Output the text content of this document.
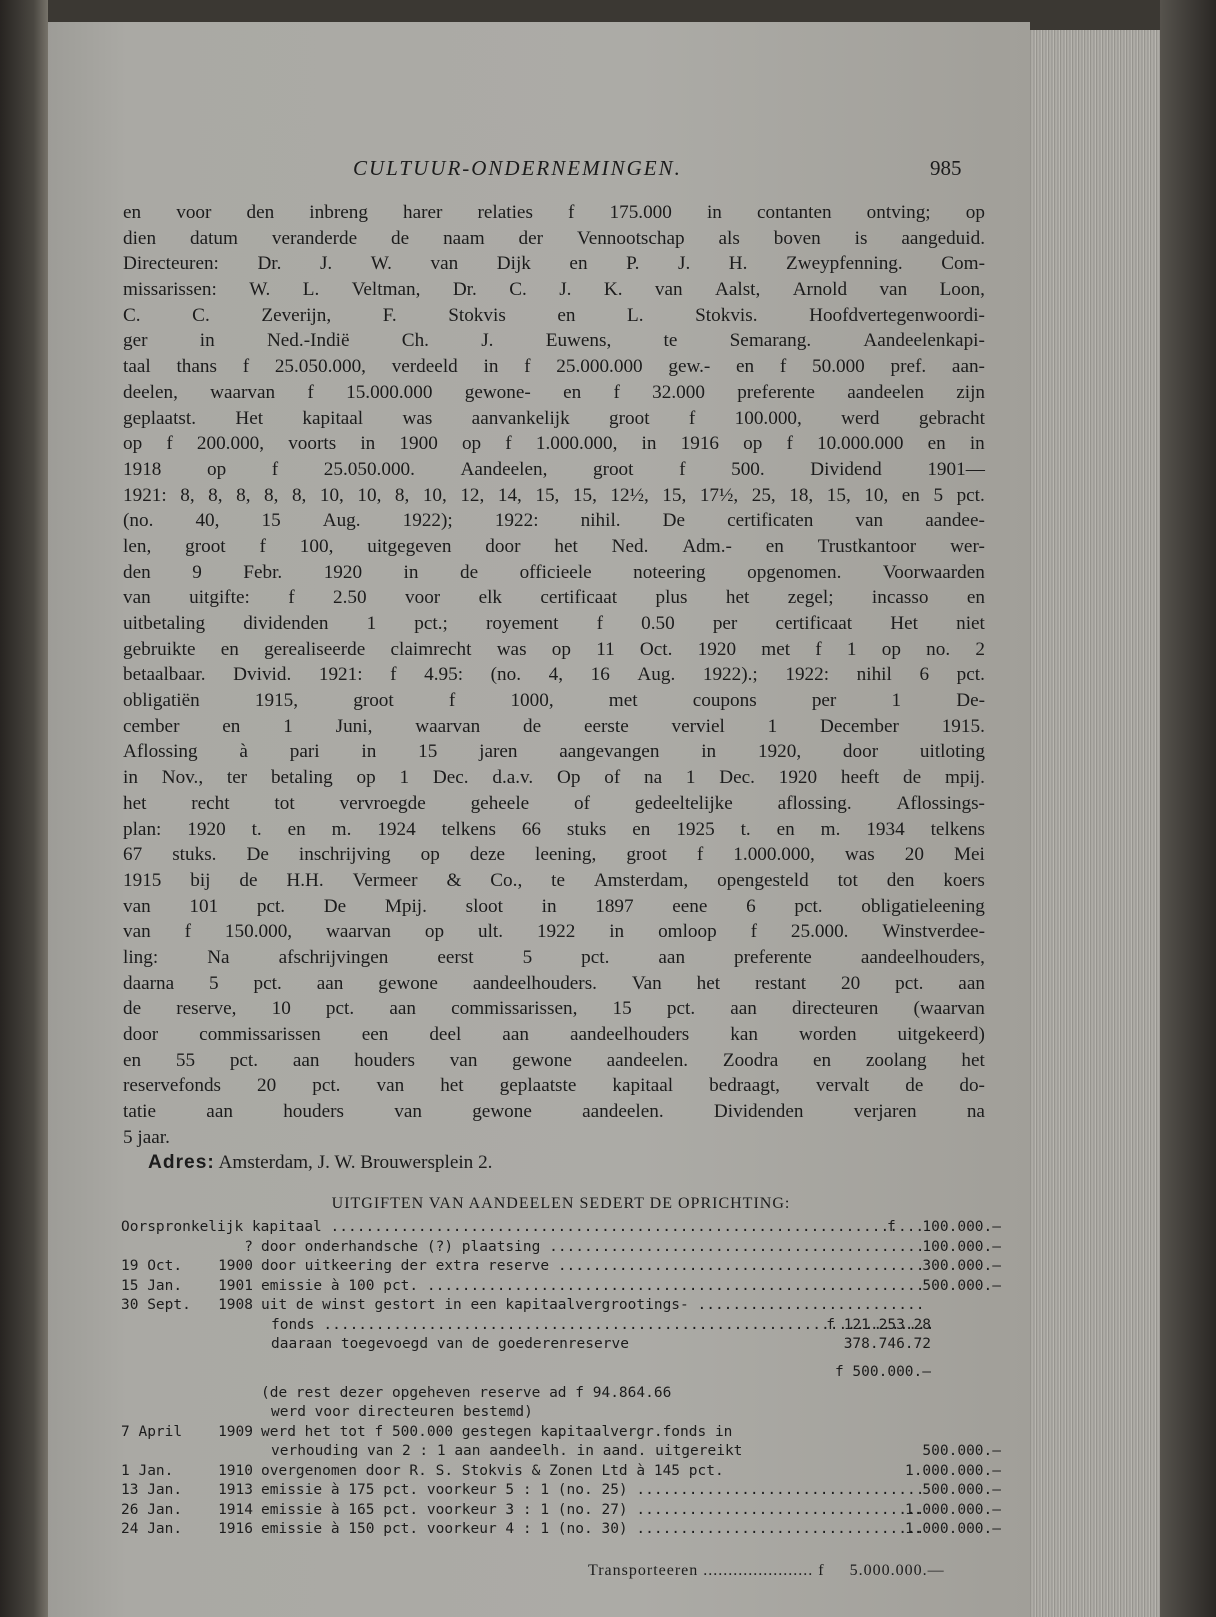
CULTUUR-ONDERNEMINGEN.	985
en voor den inbreng harer relaties f 175.000 in contanten ontving; op
dien datum veranderde de naam der Vennootschap als boven is aangeduid.
Directeuren: Dr. J. W. van Dijk en P. J. H. Zweypfenning. Com-
missarissen: W. L. Veltman, Dr. C. J. K. van Aalst, Arnold van Loon,
C.	C.	Zeverijn,	F.	Stokvis	en	L.	Stokvis.	Hoofdvertegenwoordi-
ger	in	Ned.-Indië	Ch.	J.	Euwens,	te	Semarang.	Aandeelenkapi-
taal thans f 25.050.000, verdeeld in f 25.000.000 gew.- en f 50.000 pref. aan-
deelen, waarvan f 15.000.000 gewone- en f 32.000 preferente aandeelen zijn
geplaatst. Het kapitaal was aanvankelijk groot f 100.000, werd gebracht
op f 200.000, voorts in 1900 op f 1.000.000, in 1916 op f 10.000.000 en in
1918 op f 25.050.000. Aandeelen, groot f 500. Dividend 1901—
1921: 8, 8, 8, 8, 8, 10, 10, 8, 10, 12, 14, 15, 15, 12½, 15, 17½, 25, 18, 15, 10, en 5 pct.
(no. 40, 15 Aug. 1922); 1922: nihil. De certificaten van aandee-
len, groot f 100, uitgegeven door het Ned. Adm.- en Trustkantoor wer-
den 9 Febr. 1920 in de officieele noteering opgenomen. Voorwaarden
van uitgifte: f 2.50 voor elk certificaat plus het zegel; incasso en
uitbetaling dividenden 1 pct.; royement f 0.50 per certificaat Het niet
gebruikte en gerealiseerde claimrecht was op 11 Oct. 1920 met f 1 op no. 2
betaalbaar. Dvivid. 1921: f 4.95: (no. 4, 16 Aug. 1922).; 1922: nihil 6 pct.
obligatiën	1915,	groot	f	1000,	met	coupons	per	1	De-
cember en 1 Juni, waarvan de eerste verviel 1 December 1915.
Aflossing à pari in 15 jaren aangevangen in 1920, door uitloting
in Nov., ter betaling op 1 Dec. d.a.v. Op of na 1 Dec. 1920 heeft de mpij.
het recht tot vervroegde geheele of gedeeltelijke aflossing. Aflossings-
plan: 1920 t. en m. 1924 telkens 66 stuks en 1925 t. en m. 1934 telkens
67 stuks. De inschrijving op deze leening, groot f 1.000.000, was 20 Mei
1915 bij de H.H. Vermeer & Co., te Amsterdam, opengesteld tot den koers
van 101 pct. De Mpij. sloot in 1897 eene 6 pct. obligatieleening
van f 150.000, waarvan op ult. 1922 in omloop f 25.000. Winstverdee-
ling:	Na	afschrijvingen	eerst	5	pct.	aan	preferente	aandeelhouders,
daarna 5 pct. aan gewone aandeelhouders. Van het restant 20 pct. aan
de reserve, 10 pct. aan commissarissen, 15 pct. aan directeuren (waarvan
door commissarissen een deel aan aandeelhouders kan worden uitgekeerd)
en 55 pct. aan houders van gewone aandeelen. Zoodra en zoolang het
reservefonds 20 pct. van het geplaatste kapitaal bedraagt, vervalt de do-
tatie	aan	houders	van	gewone	aandeelen.	Dividenden	verjaren	na
5 jaar.
Adres: Amsterdam, J. W. Brouwersplein 2.
UITGIFTEN VAN AANDEELEN SEDERT DE OPRICHTING:
Oorspronkelijk kapitaal .....	f	100.000.—
? door onderhandsche (?) plaatsing .....	100.000.—
19 Oct.	1900 door uitkeering der extra reserve .....	300.000.—
15 Jan.	1901 emissie à 100 pct. .....	500.000.—
30 Sept.	1908 uit de winst gestort in een kapitaalvergrootings- .....
fonds .....	f 121.253.28
daaraan toegevoegd van de goederenreserve	378.746.72
f 500.000.—
(de rest dezer opgeheven reserve ad f 94.864.66
werd voor directeuren bestemd)
7 April	1909 werd het tot f 500.000 gestegen kapitaalvergr.fonds in
verhouding van 2 : 1 aan aandeelh. in aand. uitgereikt	500.000.—
1 Jan.	1910 overgenomen door R. S. Stokvis & Zonen Ltd à 145 pct.	1.000.000.—
13 Jan.	1913 emissie à 175 pct. voorkeur 5 : 1 (no. 25) .....	500.000.—
26 Jan.	1914 emissie à 165 pct. voorkeur 3 : 1 (no. 27) .....	1.000.000.—
24 Jan.	1916 emissie à 150 pct. voorkeur 4 : 1 (no. 30) .....	1.000.000.—
Transporteeren ...................... f 5.000.000.—
